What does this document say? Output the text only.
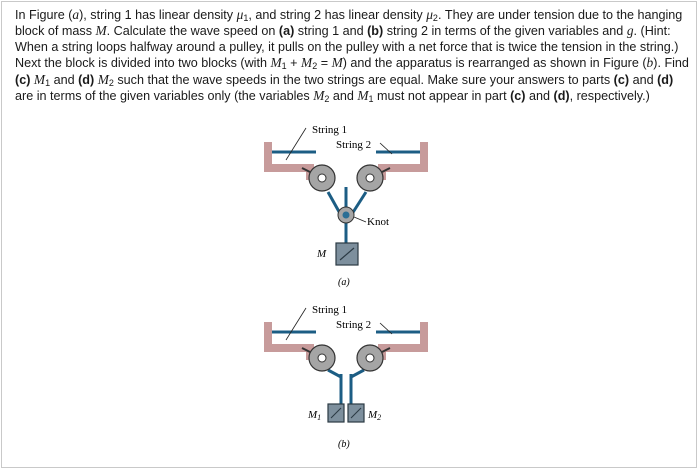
In Figure (a), string 1 has linear density $\mu_1$, and string 2 has linear density $\mu_2$. They are under tension due to the hanging
block of mass M. Calculate the wave speed on (a) string 1 and (b) string 2 in terms of the given variables and g. (Hint:
When a string loops halfway around a pulley, it pulls on the pulley with a net force that is twice the tension in the string.)
Next the block is divided into two blocks (with $M_1 + M_2 = M$) and the apparatus is rearranged as shown in Figure (b). Find
(c) $M_1$ and (d) $M_2$ such that the wave speeds in the two strings are equal. Make sure your answers to parts (c) and (d)
are in terms of the given variables only (the variables $M_2$ and $M_1$ must not appear in part (c) and (d), respectively.)
String 1
String 2
Knot
M
(a)
String 1
String 2
M1	M2
(b)
